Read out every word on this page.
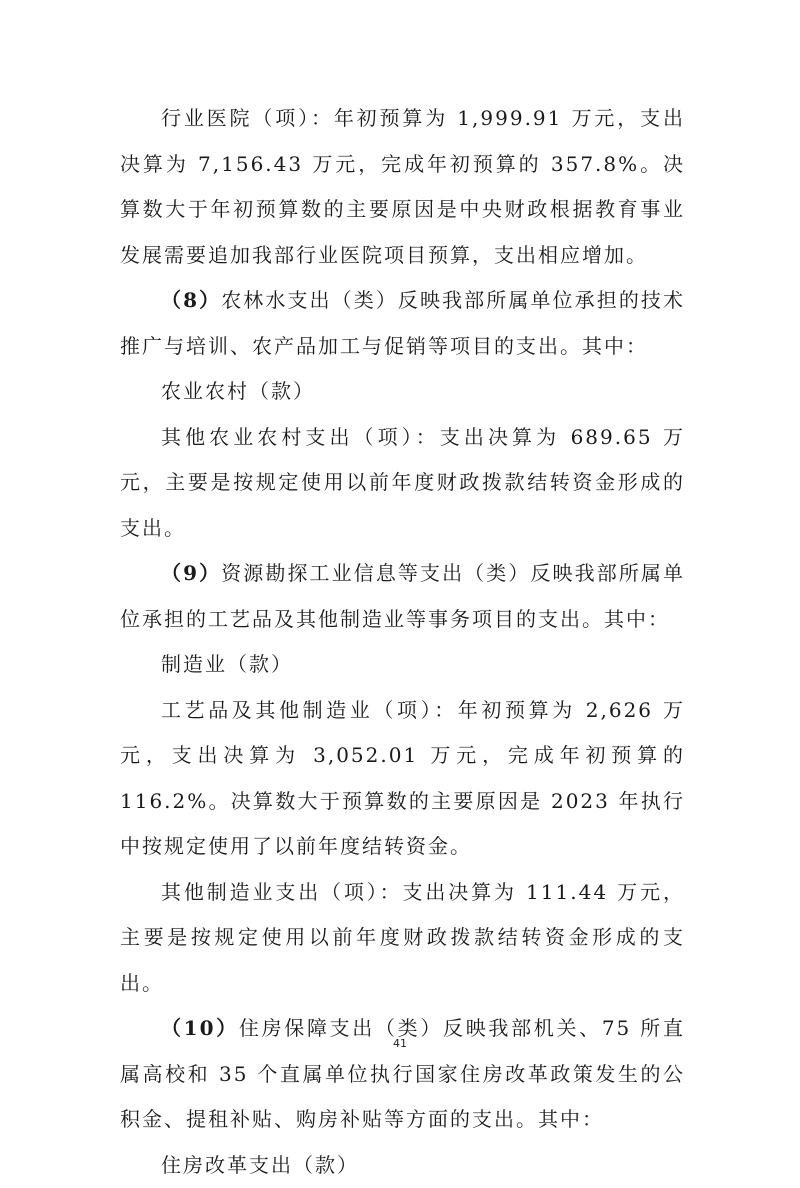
行业医院（项）：年初预算为 1,999.91 万元，支出决算为 7,156.43 万元，完成年初预算的 357.8%。决算数大于年初预算数的主要原因是中央财政根据教育事业发展需要追加我部行业医院项目预算，支出相应增加。

（8）农林水支出（类）反映我部所属单位承担的技术推广与培训、农产品加工与促销等项目的支出。其中：

农业农村（款）

其他农业农村支出（项）：支出决算为 689.65 万元，主要是按规定使用以前年度财政拨款结转资金形成的支出。

（9）资源勘探工业信息等支出（类）反映我部所属单位承担的工艺品及其他制造业等事务项目的支出。其中：

制造业（款）

工艺品及其他制造业（项）：年初预算为 2,626 万元，支出决算为 3,052.01 万元，完成年初预算的 116.2%。决算数大于预算数的主要原因是 2023 年执行中按规定使用了以前年度结转资金。

其他制造业支出（项）：支出决算为 111.44 万元，主要是按规定使用以前年度财政拨款结转资金形成的支出。

（10）住房保障支出（类）反映我部机关、75 所直属高校和 35 个直属单位执行国家住房改革政策发生的公积金、提租补贴、购房补贴等方面的支出。其中：

住房改革支出（款）

41
